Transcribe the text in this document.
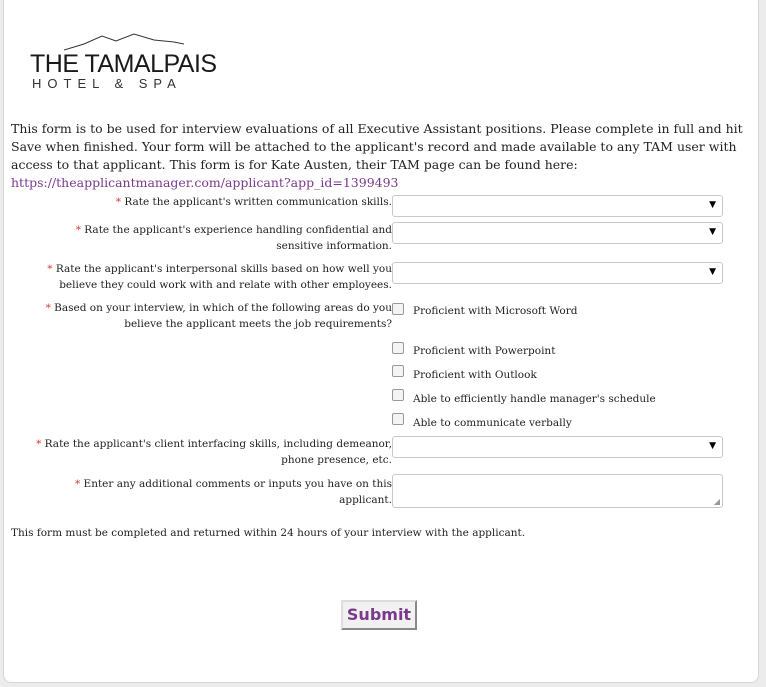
THE TAMALPAIS
HOTEL & SPA
This form is to be used for interview evaluations of all Executive Assistant positions. Please complete in full and hit Save when finished. Your form will be attached to the applicant's record and made available to any TAM user with access to that applicant. This form is for Kate Austen, their TAM page can be found here: https://theapplicantmanager.com/applicant?app_id=1399493
* Rate the applicant's written communication skills.	▼
* Rate the applicant's experience handling confidential and sensitive information.
▼
* Rate the applicant's interpersonal skills based on how well you believe they could work with and relate with other employees.
▼
* Based on your interview, in which of the following areas do you believe the applicant meets the job requirements?
Proficient with Microsoft Word
Proficient with Powerpoint
Proficient with Outlook
Able to efficiently handle manager's schedule
Able to communicate verbally
* Rate the applicant's client interfacing skills, including demeanor, phone presence, etc.
▼
* Enter any additional comments or inputs you have on this applicant.	◢
This form must be completed and returned within 24 hours of your interview with the applicant.
Submit
